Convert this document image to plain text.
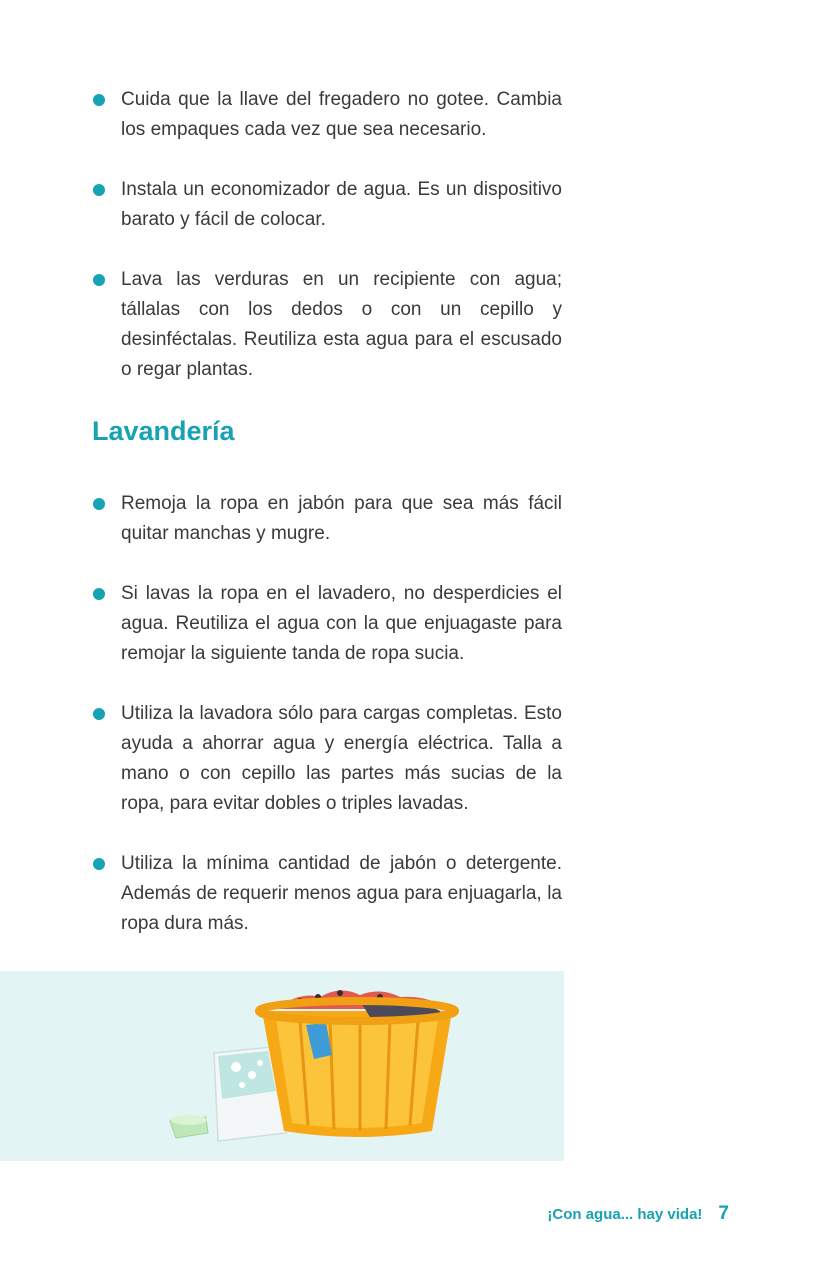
Cuida que la llave del fregadero no gotee. Cambia los empaques cada vez que sea necesario.
Instala un economizador de agua. Es un dispositivo barato y fácil de colocar.
Lava las verduras en un recipiente con agua; tállalas con los dedos o con un cepillo y desinféctalas. Reutiliza esta agua para el escusado o regar plantas.
Lavandería
Remoja la ropa en jabón para que sea más fácil quitar manchas y mugre.
Si lavas la ropa en el lavadero, no desperdicies el agua. Reutiliza el agua con la que enjuagaste para remojar la siguiente tanda de ropa sucia.
Utiliza la lavadora sólo para cargas completas. Esto ayuda a ahorrar agua y energía eléctrica. Talla a mano o con cepillo las partes más sucias de la ropa, para evitar dobles o triples lavadas.
Utiliza la mínima cantidad de jabón o detergente. Además de requerir menos agua para enjuagarla, la ropa dura más.
¡Con agua... hay vida! 7
